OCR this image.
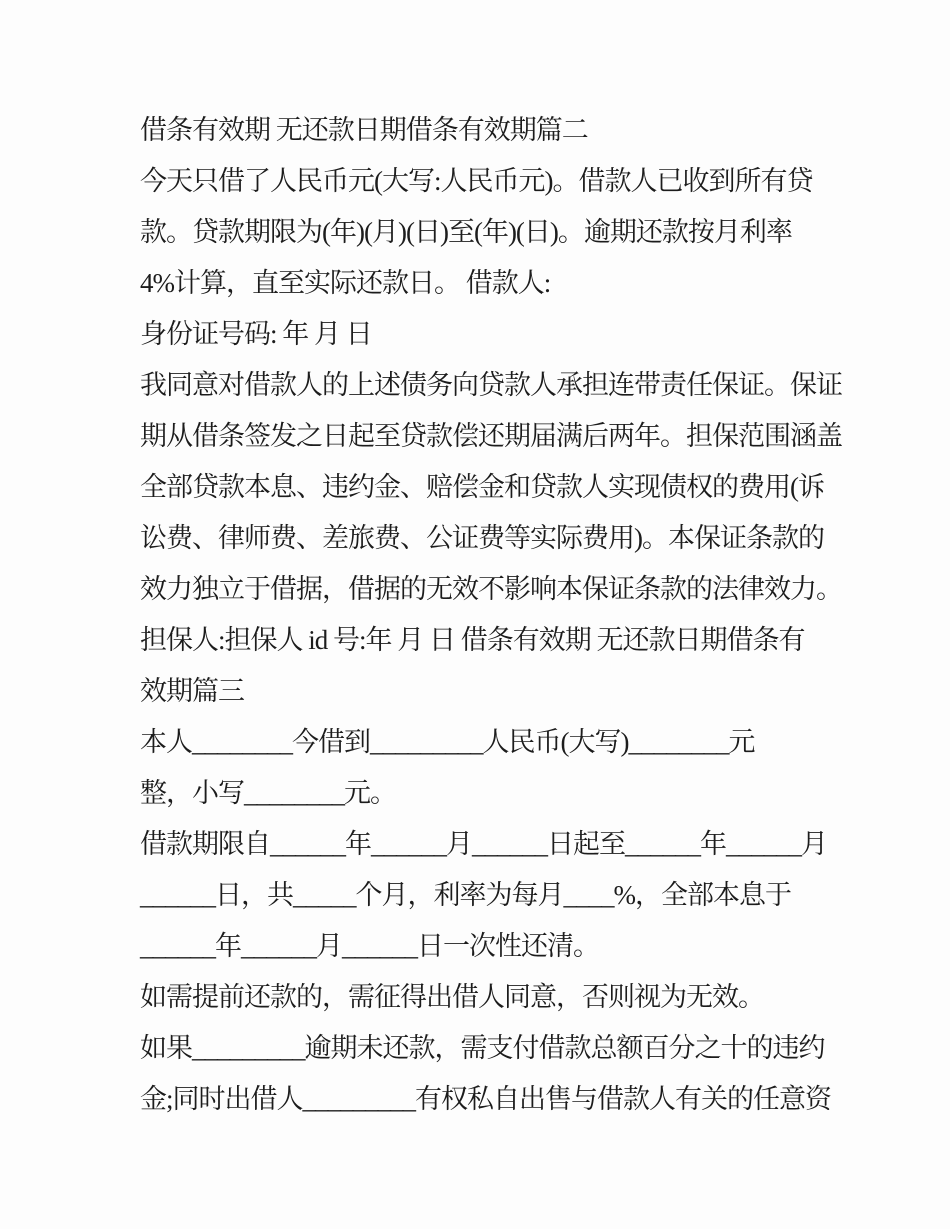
借条有效期 无还款日期借条有效期篇二
今天只借了人民币元(大写:人民币元)。借款人已收到所有贷
款。贷款期限为(年)(月)(日)至(年)(日)。逾期还款按月利率
4%计算，直至实际还款日。 借款人:
身份证号码: 年 月 日
我同意对借款人的上述债务向贷款人承担连带责任保证。保证
期从借条签发之日起至贷款偿还期届满后两年。担保范围涵盖
全部贷款本息、违约金、赔偿金和贷款人实现债权的费用(诉
讼费、律师费、差旅费、公证费等实际费用)。本保证条款的
效力独立于借据，借据的无效不影响本保证条款的法律效力。
担保人:担保人 id 号:年 月 日 借条有效期 无还款日期借条有
效期篇三
本人________今借到_________人民币(大写)________元
整，小写________元。
借款期限自______年______月______日起至______年______月
______日，共_____个月，利率为每月____%，全部本息于
______年______月______日一次性还清。
如需提前还款的，需征得出借人同意，否则视为无效。
如果_________逾期未还款，需支付借款总额百分之十的违约
金;同时出借人_________有权私自出售与借款人有关的任意资
